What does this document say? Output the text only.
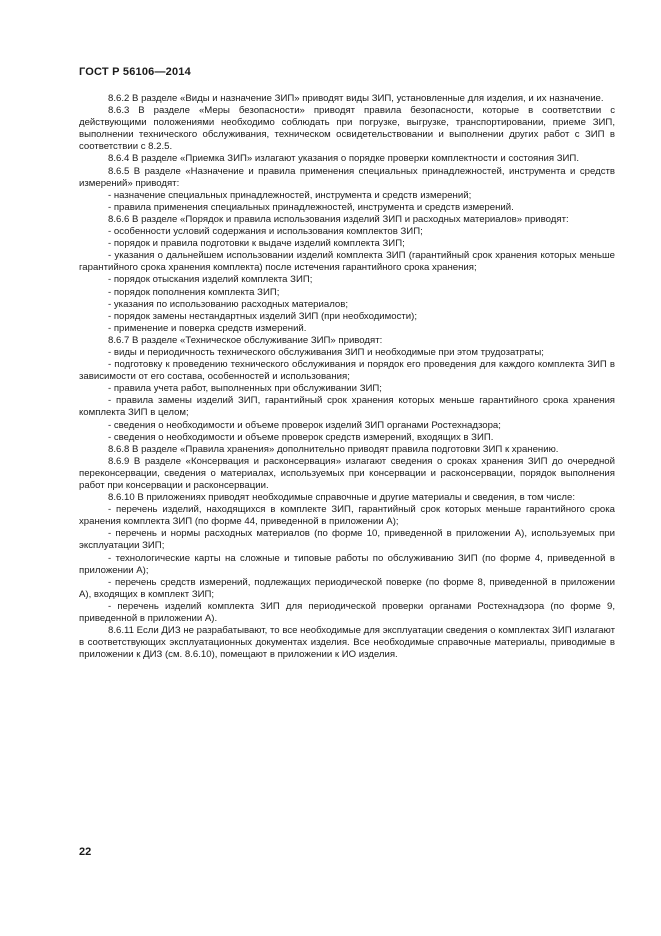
ГОСТ Р 56106—2014

8.6.2 В разделе «Виды и назначение ЗИП» приводят виды ЗИП, установленные для изделия, и их назначение.

8.6.3 В разделе «Меры безопасности» приводят правила безопасности, которые в соответствии с действующими положениями необходимо соблюдать при погрузке, выгрузке, транспортировании, приеме ЗИП, выполнении технического обслуживания, техническом освидетельствовании и выполнении других работ с ЗИП в соответствии с 8.2.5.

8.6.4 В разделе «Приемка ЗИП» излагают указания о порядке проверки комплектности и состояния ЗИП.

8.6.5 В разделе «Назначение и правила применения специальных принадлежностей, инструмента и средств измерений» приводят:

- назначение специальных принадлежностей, инструмента и средств измерений;

- правила применения специальных принадлежностей, инструмента и средств измерений.

8.6.6 В разделе «Порядок и правила использования изделий ЗИП и расходных материалов» приводят:

- особенности условий содержания и использования комплектов ЗИП;

- порядок и правила подготовки к выдаче изделий комплекта ЗИП;

- указания о дальнейшем использовании изделий комплекта ЗИП (гарантийный срок хранения которых меньше гарантийного срока хранения комплекта) после истечения гарантийного срока хранения;

- порядок отыскания изделий комплекта ЗИП;

- порядок пополнения комплекта ЗИП;

- указания по использованию расходных материалов;

- порядок замены нестандартных изделий ЗИП (при необходимости);

- применение и поверка средств измерений.

8.6.7 В разделе «Техническое обслуживание ЗИП» приводят:

- виды и периодичность технического обслуживания ЗИП и необходимые при этом трудозатраты;

- подготовку к проведению технического обслуживания и порядок его проведения для каждого комплекта ЗИП в зависимости от его состава, особенностей и использования;

- правила учета работ, выполненных при обслуживании ЗИП;

- правила замены изделий ЗИП, гарантийный срок хранения которых меньше гарантийного срока хранения комплекта ЗИП в целом;

- сведения о необходимости и объеме проверок изделий ЗИП органами Ростехнадзора;

- сведения о необходимости и объеме проверок средств измерений, входящих в ЗИП.

8.6.8 В разделе «Правила хранения» дополнительно приводят правила подготовки ЗИП к хранению.

8.6.9 В разделе «Консервация и расконсервация» излагают сведения о сроках хранения ЗИП до очередной переконсервации, сведения о материалах, используемых при консервации и расконсервации, порядок выполнения работ при консервации и расконсервации.

8.6.10 В приложениях приводят необходимые справочные и другие материалы и сведения, в том числе:

- перечень изделий, находящихся в комплекте ЗИП, гарантийный срок которых меньше гарантийного срока хранения комплекта ЗИП (по форме 44, приведенной в приложении А);

- перечень и нормы расходных материалов (по форме 10, приведенной в приложении А), используемых при эксплуатации ЗИП;

- технологические карты на сложные и типовые работы по обслуживанию ЗИП (по форме 4, приведенной в приложении А);

- перечень средств измерений, подлежащих периодической поверке (по форме 8, приведенной в приложении А), входящих в комплект ЗИП;

- перечень изделий комплекта ЗИП для периодической проверки органами Ростехнадзора (по форме 9, приведенной в приложении А).

8.6.11 Если ДИЗ не разрабатывают, то все необходимые для эксплуатации сведения о комплектах ЗИП излагают в соответствующих эксплуатационных документах изделия. Все необходимые справочные материалы, приводимые в приложении к ДИЗ (см. 8.6.10), помещают в приложении к ИО изделия.

22
